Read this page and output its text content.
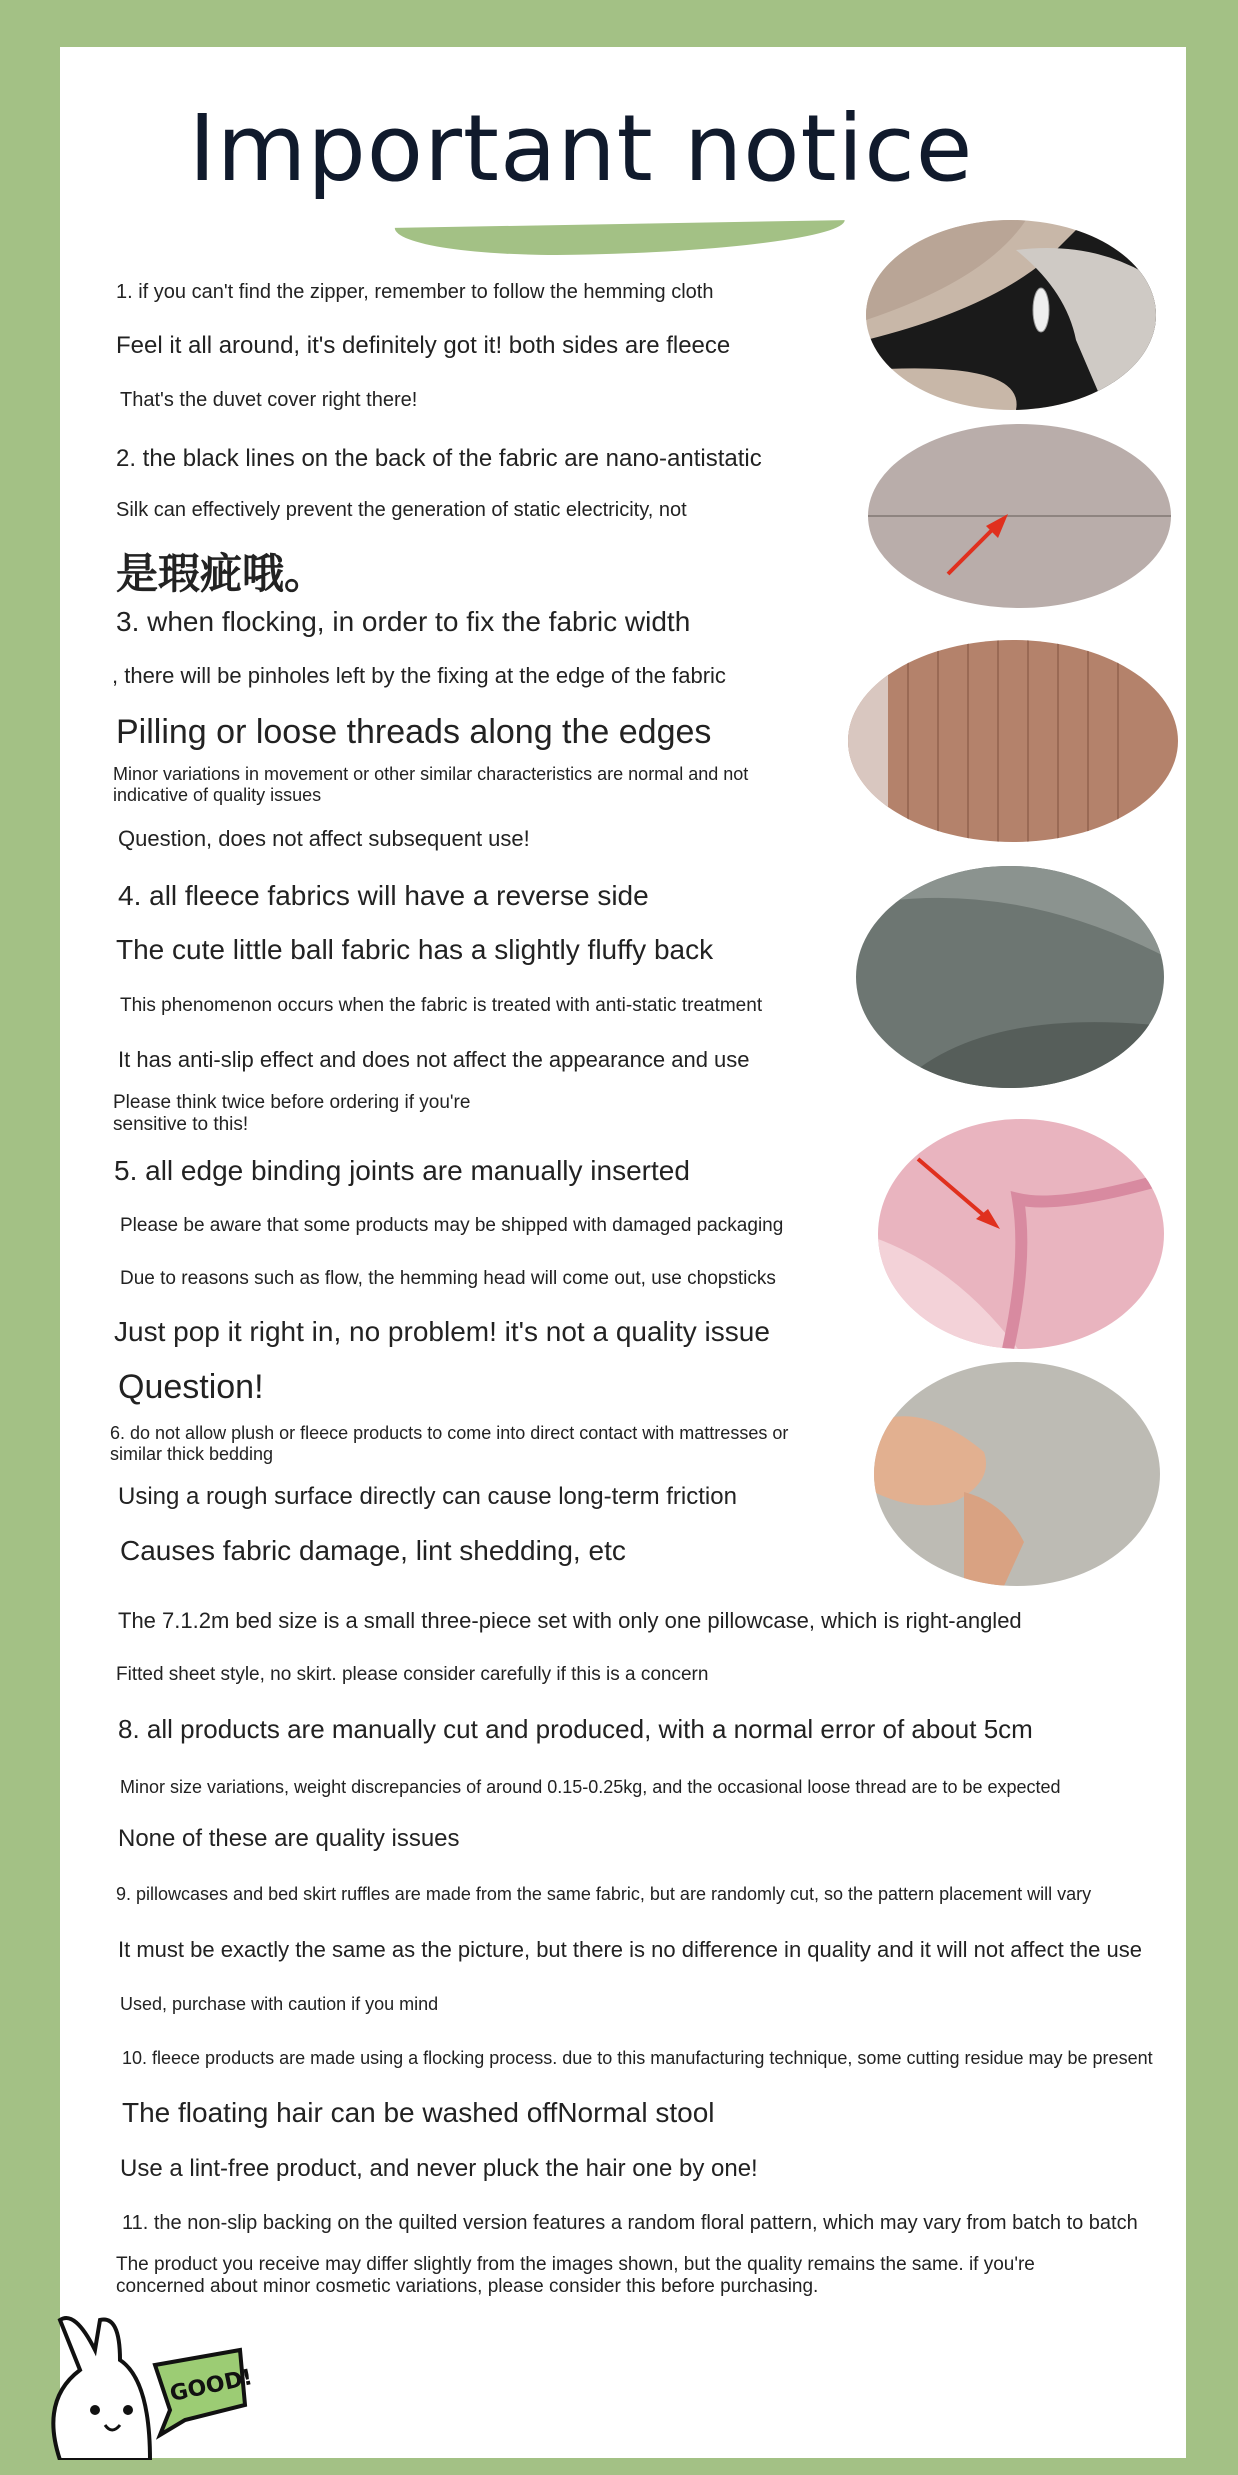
Important notice
1. if you can't find the zipper, remember to follow the hemming cloth
Feel it all around, it's definitely got it! both sides are fleece
That's the duvet cover right there!
2. the black lines on the back of the fabric are nano-antistatic
Silk can effectively prevent the generation of static electricity, not
是瑕疵哦。
3. when flocking, in order to fix the fabric width
, there will be pinholes left by the fixing at the edge of the fabric
Pilling or loose threads along the edges
Minor variations in movement or other similar characteristics are normal and not indicative of quality issues
Question, does not affect subsequent use!
4. all fleece fabrics will have a reverse side
The cute little ball fabric has a slightly fluffy back
This phenomenon occurs when the fabric is treated with anti-static treatment
It has anti-slip effect and does not affect the appearance and use
Please think twice before ordering if you're sensitive to this!
5. all edge binding joints are manually inserted
Please be aware that some products may be shipped with damaged packaging
Due to reasons such as flow, the hemming head will come out, use chopsticks
Just pop it right in, no problem! it's not a quality issue
Question!
6. do not allow plush or fleece products to come into direct contact with mattresses or similar thick bedding
Using a rough surface directly can cause long-term friction
Causes fabric damage, lint shedding, etc
The 7.1.2m bed size is a small three-piece set with only one pillowcase, which is right-angled
Fitted sheet style, no skirt. please consider carefully if this is a concern
8. all products are manually cut and produced, with a normal error of about 5cm
Minor size variations, weight discrepancies of around 0.15-0.25kg, and the occasional loose thread are to be expected
None of these are quality issues
9. pillowcases and bed skirt ruffles are made from the same fabric, but are randomly cut, so the pattern placement will vary
It must be exactly the same as the picture, but there is no difference in quality and it will not affect the use
Used, purchase with caution if you mind
10. fleece products are made using a flocking process. due to this manufacturing technique, some cutting residue may be present
The floating hair can be washed offNormal stool
Use a lint-free product, and never pluck the hair one by one!
11. the non-slip backing on the quilted version features a random floral pattern, which may vary from batch to batch
The product you receive may differ slightly from the images shown, but the quality remains the same. if you're concerned about minor cosmetic variations, please consider this before purchasing.
GOOD!
